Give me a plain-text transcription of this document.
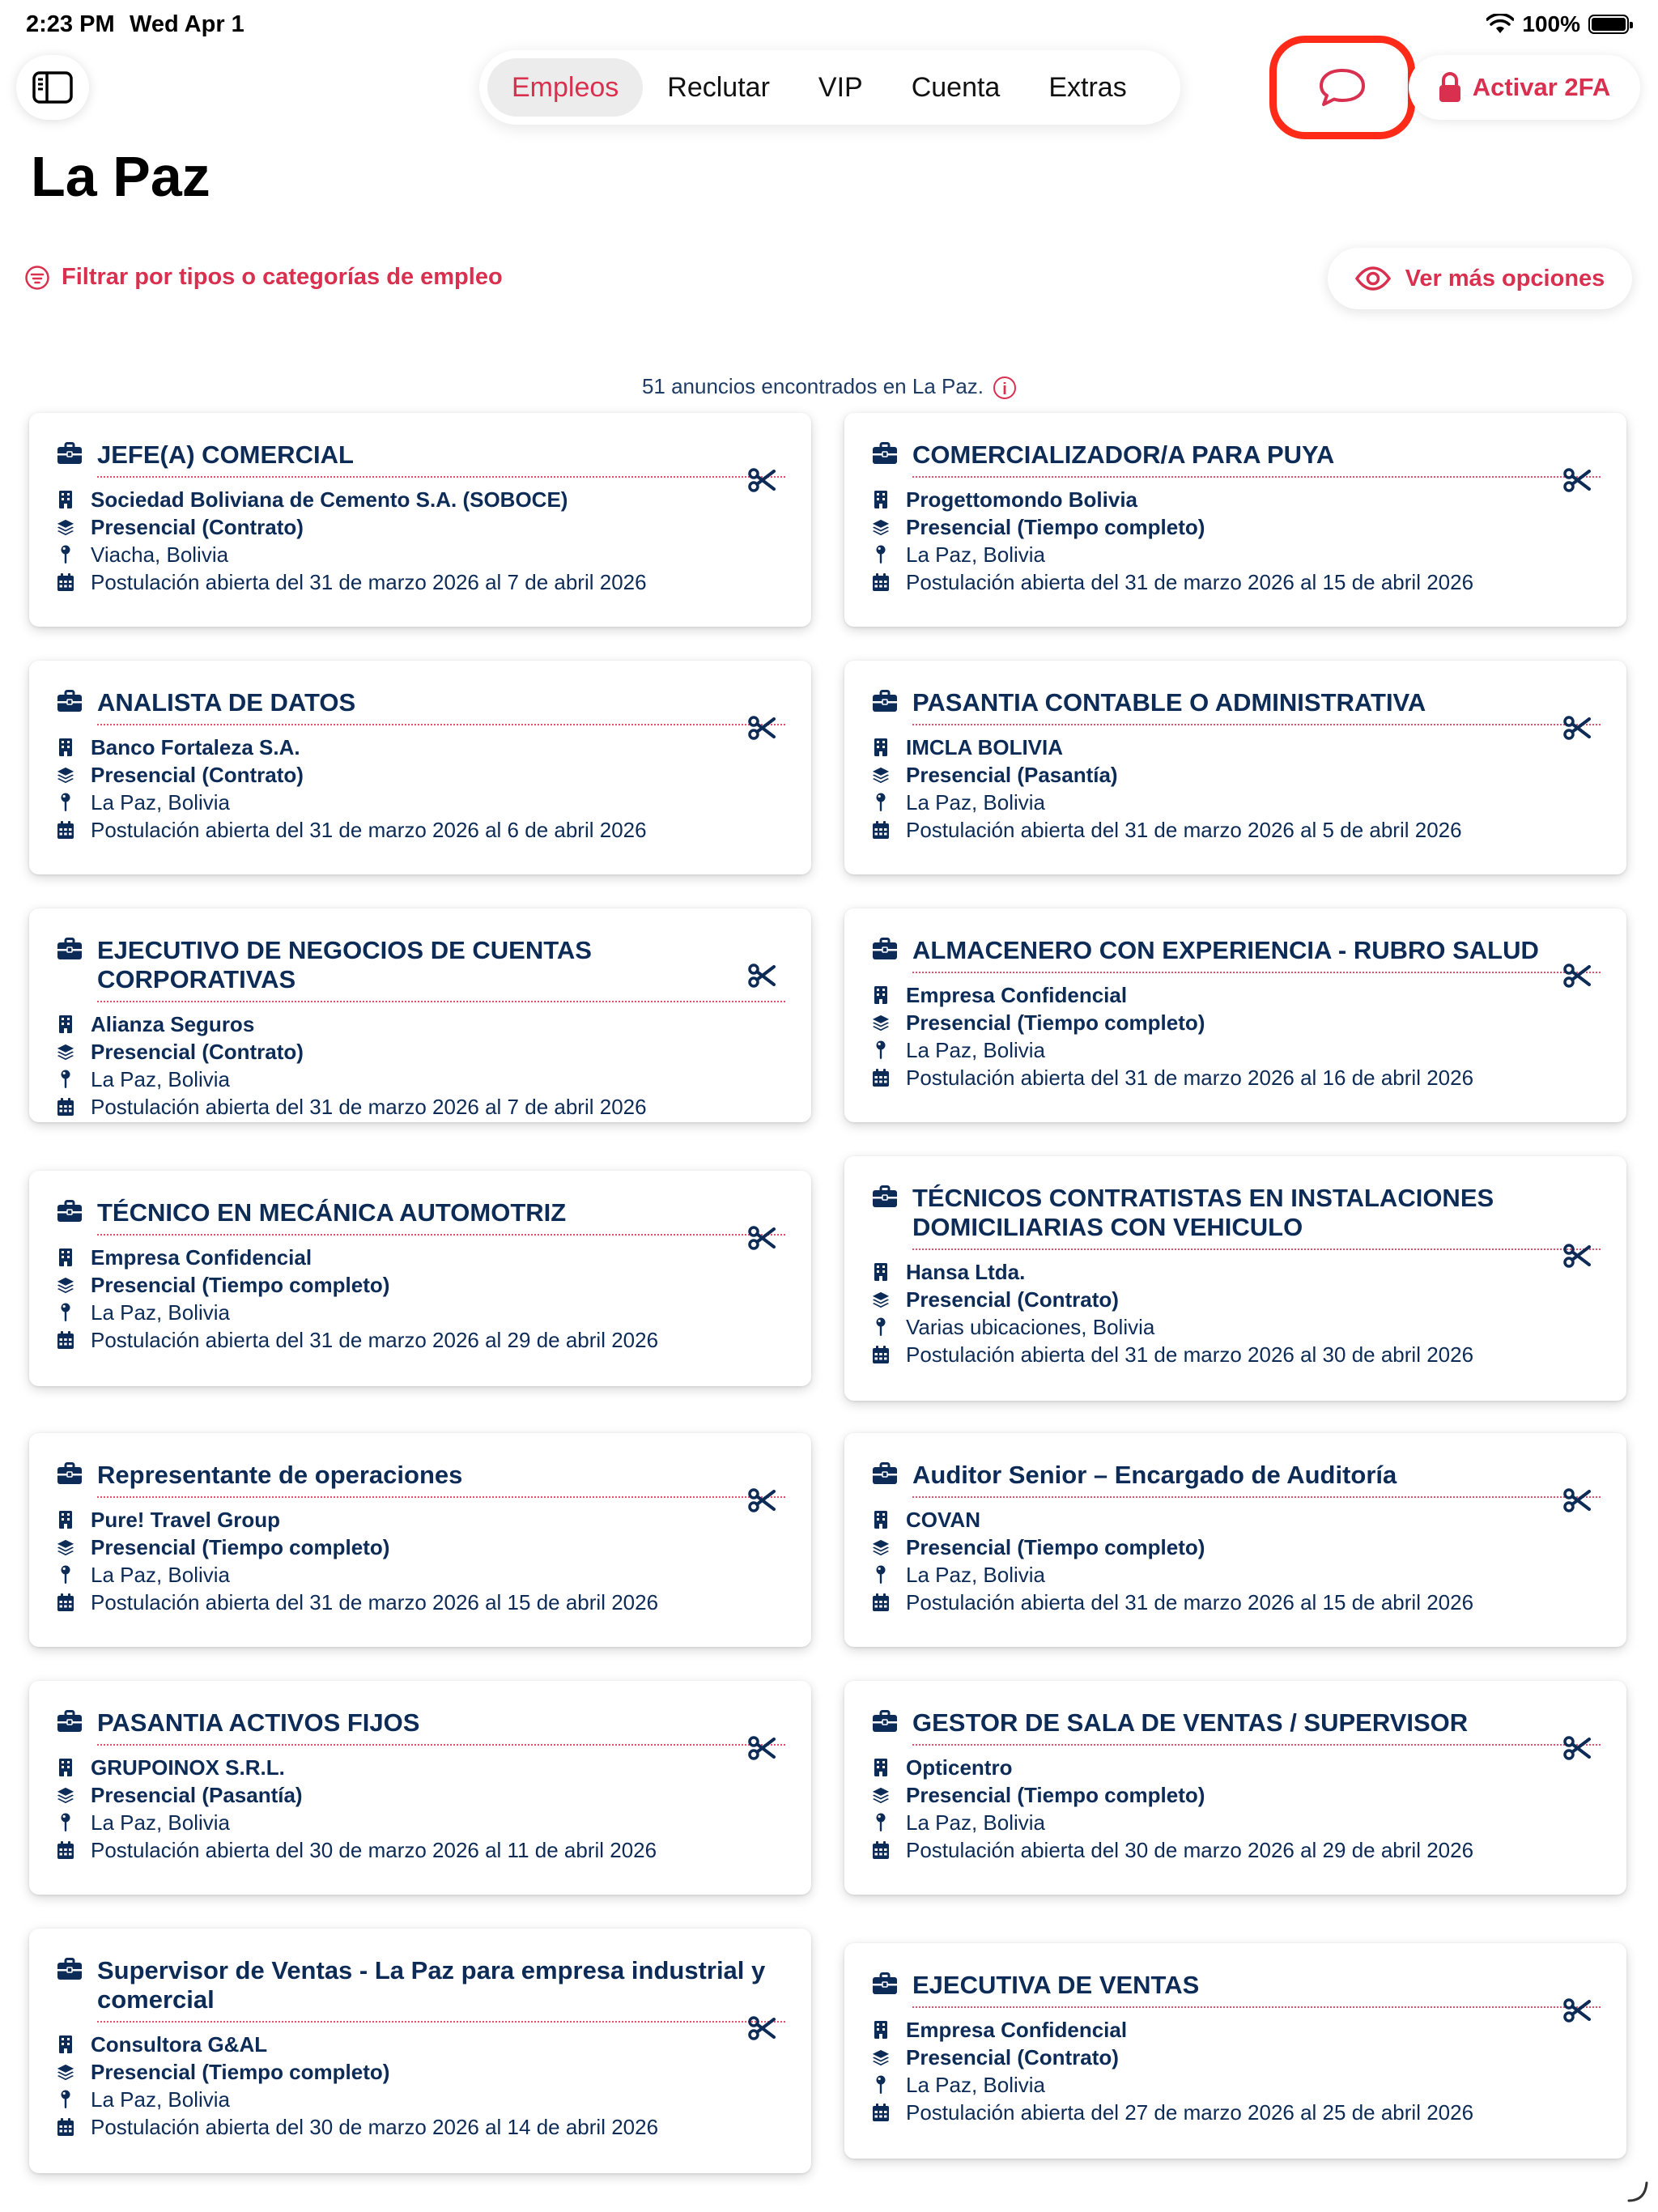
2:23 PM Wed Apr 1	100%
Empleos	Reclutar	VIP	Cuenta	Extras	Activar 2FA
La Paz
Filtrar por tipos o categorías de empleo	Ver más opciones
51 anuncios encontrados en La Paz. i
JEFE(A) COMERCIAL
Sociedad Boliviana de Cemento S.A. (SOBOCE)
Presencial (Contrato)
Viacha, Bolivia
Postulación abierta del 31 de marzo 2026 al 7 de abril 2026
COMERCIALIZADOR/A PARA PUYA
Progettomondo Bolivia
Presencial (Tiempo completo)
La Paz, Bolivia
Postulación abierta del 31 de marzo 2026 al 15 de abril 2026
ANALISTA DE DATOS
Banco Fortaleza S.A.
Presencial (Contrato)
La Paz, Bolivia
Postulación abierta del 31 de marzo 2026 al 6 de abril 2026
PASANTIA CONTABLE O ADMINISTRATIVA
IMCLA BOLIVIA
Presencial (Pasantía)
La Paz, Bolivia
Postulación abierta del 31 de marzo 2026 al 5 de abril 2026
EJECUTIVO DE NEGOCIOS DE CUENTAS CORPORATIVAS
Alianza Seguros
Presencial (Contrato)
La Paz, Bolivia
Postulación abierta del 31 de marzo 2026 al 7 de abril 2026
ALMACENERO CON EXPERIENCIA - RUBRO SALUD
Empresa Confidencial
Presencial (Tiempo completo)
La Paz, Bolivia
Postulación abierta del 31 de marzo 2026 al 16 de abril 2026
TÉCNICO EN MECÁNICA AUTOMOTRIZ
Empresa Confidencial
Presencial (Tiempo completo)
La Paz, Bolivia
Postulación abierta del 31 de marzo 2026 al 29 de abril 2026
TÉCNICOS CONTRATISTAS EN INSTALACIONES DOMICILIARIAS CON VEHICULO
Hansa Ltda.
Presencial (Contrato)
Varias ubicaciones, Bolivia
Postulación abierta del 31 de marzo 2026 al 30 de abril 2026
Representante de operaciones
Pure! Travel Group
Presencial (Tiempo completo)
La Paz, Bolivia
Postulación abierta del 31 de marzo 2026 al 15 de abril 2026
Auditor Senior – Encargado de Auditoría
COVAN
Presencial (Tiempo completo)
La Paz, Bolivia
Postulación abierta del 31 de marzo 2026 al 15 de abril 2026
PASANTIA ACTIVOS FIJOS
GRUPOINOX S.R.L.
Presencial (Pasantía)
La Paz, Bolivia
Postulación abierta del 30 de marzo 2026 al 11 de abril 2026
GESTOR DE SALA DE VENTAS / SUPERVISOR
Opticentro
Presencial (Tiempo completo)
La Paz, Bolivia
Postulación abierta del 30 de marzo 2026 al 29 de abril 2026
Supervisor de Ventas - La Paz para empresa industrial y comercial
Consultora G&AL
Presencial (Tiempo completo)
La Paz, Bolivia
Postulación abierta del 30 de marzo 2026 al 14 de abril 2026
EJECUTIVA DE VENTAS
Empresa Confidencial
Presencial (Contrato)
La Paz, Bolivia
Postulación abierta del 27 de marzo 2026 al 25 de abril 2026
